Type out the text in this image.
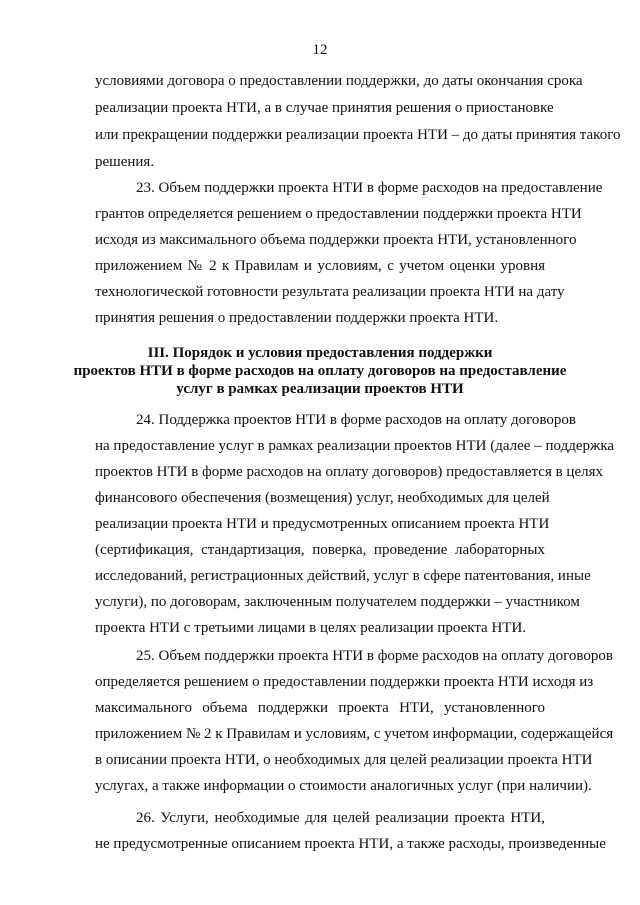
12
условиями договора о предоставлении поддержки, до даты окончания срока
реализации проекта НТИ, а в случае принятия решения о приостановке
или прекращении поддержки реализации проекта НТИ – до даты принятия такого
решения.
23. Объем поддержки проекта НТИ в форме расходов на предоставление
грантов определяется решением о предоставлении поддержки проекта НТИ
исходя из максимального объема поддержки проекта НТИ, установленного
приложением № 2 к Правилам и условиям, с учетом оценки уровня
технологической готовности результата реализации проекта НТИ на дату
принятия решения о предоставлении поддержки проекта НТИ.
III. Порядок и условия предоставления поддержки
проектов НТИ в форме расходов на оплату договоров на предоставление
услуг в рамках реализации проектов НТИ
24. Поддержка проектов НТИ в форме расходов на оплату договоров
на предоставление услуг в рамках реализации проектов НТИ (далее – поддержка
проектов НТИ в форме расходов на оплату договоров) предоставляется в целях
финансового обеспечения (возмещения) услуг, необходимых для целей
реализации проекта НТИ и предусмотренных описанием проекта НТИ
(сертификация, стандартизация, поверка, проведение лабораторных
исследований, регистрационных действий, услуг в сфере патентования, иные
услуги), по договорам, заключенным получателем поддержки – участником
проекта НТИ с третьими лицами в целях реализации проекта НТИ.
25. Объем поддержки проекта НТИ в форме расходов на оплату договоров
определяется решением о предоставлении поддержки проекта НТИ исходя из
максимального объема поддержки проекта НТИ, установленного
приложением № 2 к Правилам и условиям, с учетом информации, содержащейся
в описании проекта НТИ, о необходимых для целей реализации проекта НТИ
услугах, а также информации о стоимости аналогичных услуг (при наличии).
26. Услуги, необходимые для целей реализации проекта НТИ,
не предусмотренные описанием проекта НТИ, а также расходы, произведенные
